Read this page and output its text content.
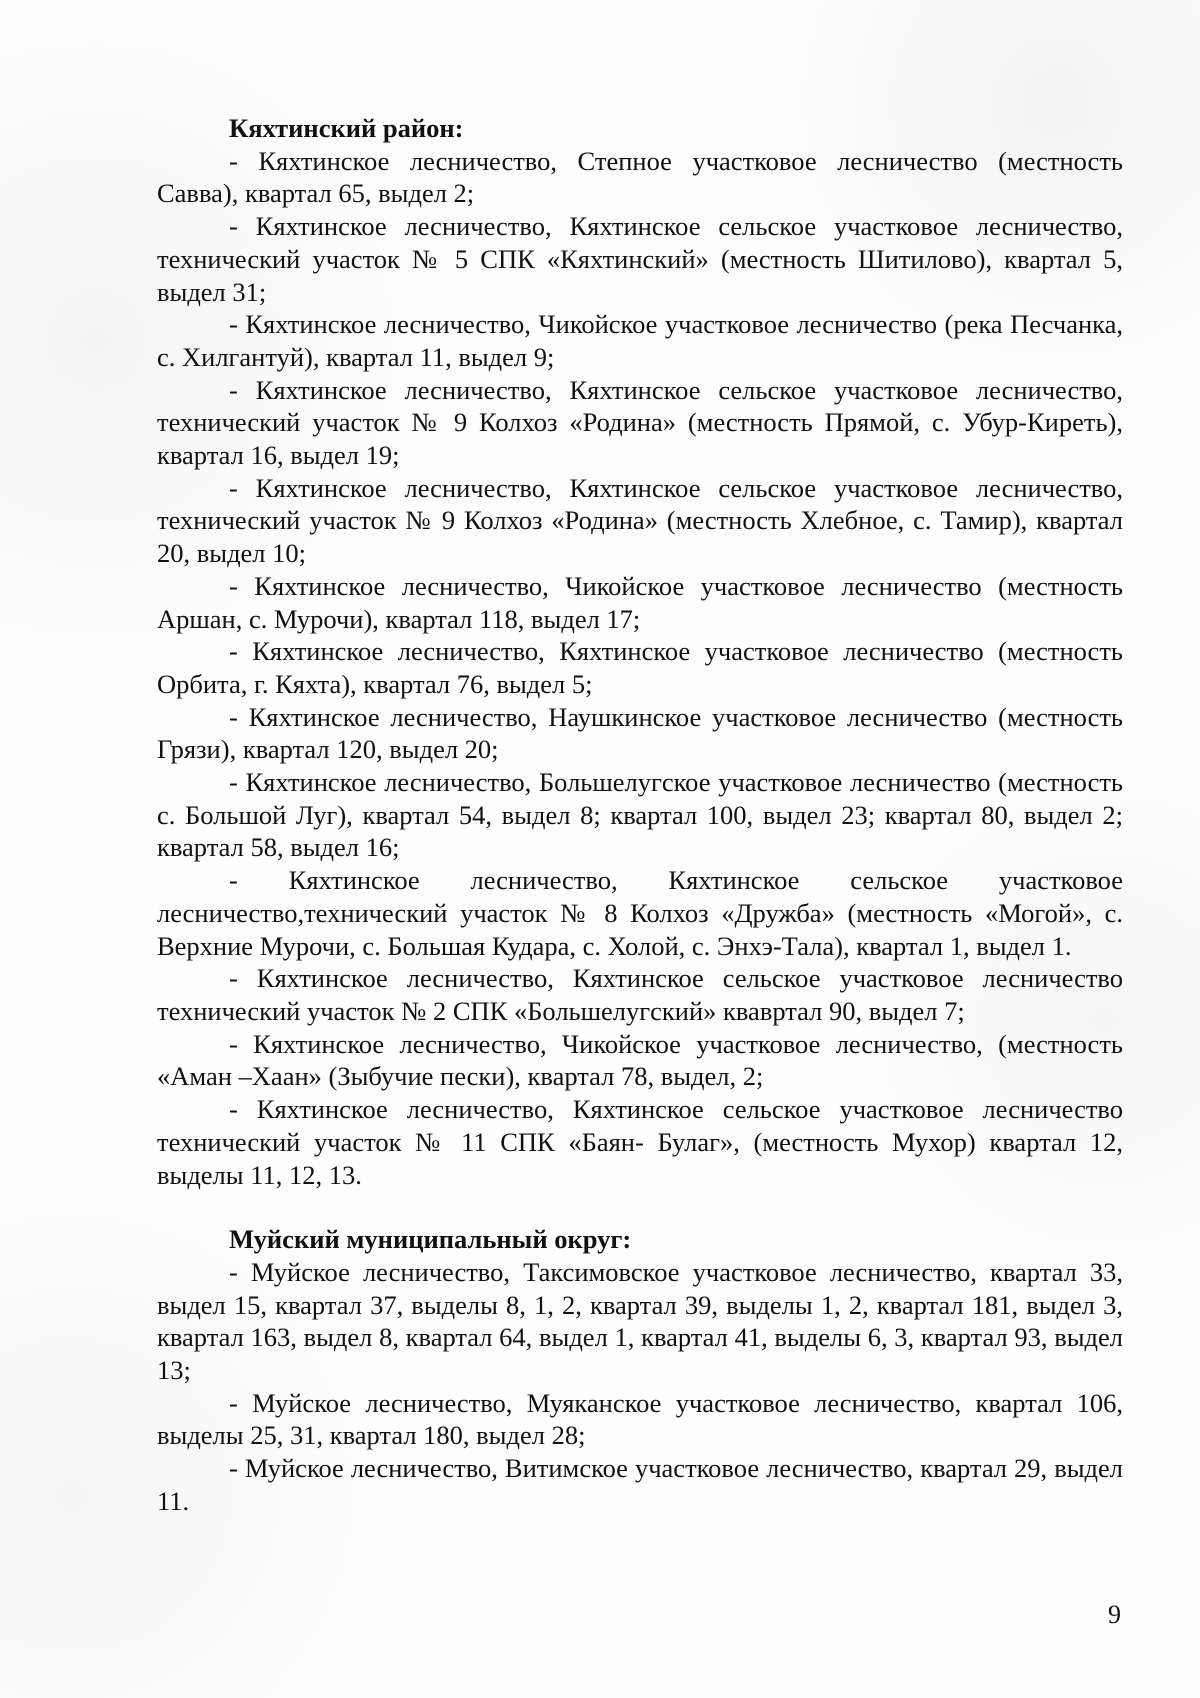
Кяхтинский район:

- Кяхтинское лесничество, Степное участковое лесничество (местность Савва), квартал 65, выдел 2;

- Кяхтинское лесничество, Кяхтинское сельское участковое лесничество, технический участок № 5 СПК «Кяхтинский» (местность Шитилово), квартал 5, выдел 31;

- Кяхтинское лесничество, Чикойское участковое лесничество (река Песчанка, с. Хилгантуй), квартал 11, выдел 9;

- Кяхтинское лесничество, Кяхтинское сельское участковое лесничество, технический участок № 9 Колхоз «Родина» (местность Прямой, с. Убур-Киреть), квартал 16, выдел 19;

- Кяхтинское лесничество, Кяхтинское сельское участковое лесничество, технический участок № 9 Колхоз «Родина» (местность Хлебное, с. Тамир), квартал 20, выдел 10;

- Кяхтинское лесничество, Чикойское участковое лесничество (местность Аршан, с. Мурочи), квартал 118, выдел 17;

- Кяхтинское лесничество, Кяхтинское участковое лесничество (местность Орбита, г. Кяхта), квартал 76, выдел 5;

- Кяхтинское лесничество, Наушкинское участковое лесничество (местность Грязи), квартал 120, выдел 20;

- Кяхтинское лесничество, Большелугское участковое лесничество (местность с. Большой Луг), квартал 54, выдел 8; квартал 100, выдел 23; квартал 80, выдел 2; квартал 58, выдел 16;

- Кяхтинское лесничество, Кяхтинское сельское участковое лесничество,технический участок № 8 Колхоз «Дружба» (местность «Могой», с. Верхние Мурочи, с. Большая Кудара, с. Холой, с. Энхэ-Тала), квартал 1, выдел 1.

- Кяхтинское лесничество, Кяхтинское сельское участковое лесничество технический участок № 2 СПК «Большелугский» квавртал 90, выдел 7;

- Кяхтинское лесничество, Чикойское участковое лесничество, (местность «Аман –Хаан» (Зыбучие пески), квартал 78, выдел, 2;

- Кяхтинское лесничество, Кяхтинское сельское участковое лесничество технический участок № 11 СПК «Баян- Булаг», (местность Мухор) квартал 12, выделы 11, 12, 13.

Муйский муниципальный округ:

- Муйское лесничество, Таксимовское участковое лесничество, квартал 33, выдел 15, квартал 37, выделы 8, 1, 2, квартал 39, выделы 1, 2, квартал 181, выдел 3, квартал 163, выдел 8, квартал 64, выдел 1, квартал 41, выделы 6, 3, квартал 93, выдел 13;

- Муйское лесничество, Муяканское участковое лесничество, квартал 106, выделы 25, 31, квартал 180, выдел 28;

- Муйское лесничество, Витимское участковое лесничество, квартал 29, выдел 11.

9
